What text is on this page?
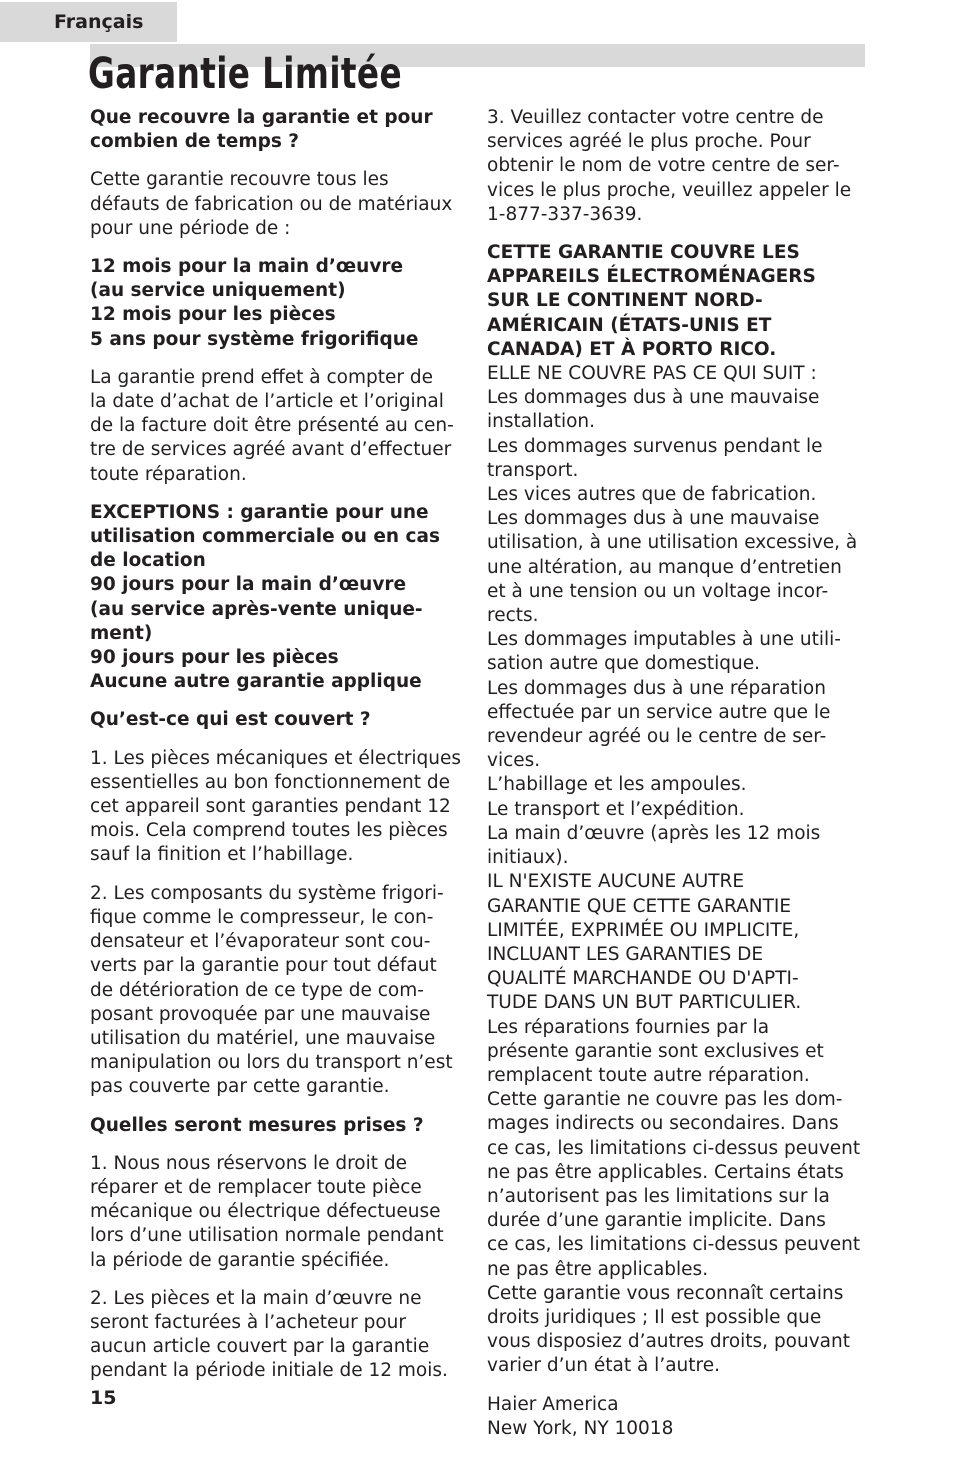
Français
Garantie Limitée

Que recouvre la garantie et pour

combien de temps ?

Cette garantie recouvre tous les

défauts de fabrication ou de matériaux

pour une période de :

12 mois pour la main d’œuvre

(au service uniquement)

12 mois pour les pièces

5 ans pour système frigorifique

La garantie prend effet à compter de

la date d’achat de l’article et l’original

de la facture doit être présenté au cen-

tre de services agréé avant d’effectuer

toute réparation.

EXCEPTIONS : garantie pour une

utilisation commerciale ou en cas

de location

90 jours pour la main d’œuvre

(au service après-vente unique-

ment)

90 jours pour les pièces

Aucune autre garantie applique

Qu’est-ce qui est couvert ?

1. Les pièces mécaniques et électriques

essentielles au bon fonctionnement de

cet appareil sont garanties pendant 12

mois. Cela comprend toutes les pièces

sauf la finition et l’habillage.

2. Les composants du système frigori-

fique comme le compresseur, le con-

densateur et l’évaporateur sont cou-

verts par la garantie pour tout défaut

de détérioration de ce type de com-

posant provoquée par une mauvaise

utilisation du matériel, une mauvaise

manipulation ou lors du transport n’est

pas couverte par cette garantie.

Quelles seront mesures prises ?

1. Nous nous réservons le droit de

réparer et de remplacer toute pièce

mécanique ou électrique défectueuse

lors d’une utilisation normale pendant

la période de garantie spécifiée.

2. Les pièces et la main d’œuvre ne

seront facturées à l’acheteur pour

aucun article couvert par la garantie

pendant la période initiale de 12 mois.

3. Veuillez contacter votre centre de

services agréé le plus proche. Pour

obtenir le nom de votre centre de ser-

vices le plus proche, veuillez appeler le

1-877-337-3639.

CETTE GARANTIE COUVRE LES

APPAREILS ÉLECTROMÉNAGERS

SUR LE CONTINENT NORD-

AMÉRICAIN (ÉTATS-UNIS ET

CANADA) ET À PORTO RICO.

ELLE NE COUVRE PAS CE QUI SUIT :

Les dommages dus à une mauvaise

installation.

Les dommages survenus pendant le

transport.

Les vices autres que de fabrication.

Les dommages dus à une mauvaise

utilisation, à une utilisation excessive, à

une altération, au manque d’entretien

et à une tension ou un voltage incor-

rects.

Les dommages imputables à une utili-

sation autre que domestique.

Les dommages dus à une réparation

effectuée par un service autre que le

revendeur agréé ou le centre de ser-

vices.

L’habillage et les ampoules.

Le transport et l’expédition.

La main d’œuvre (après les 12 mois

initiaux).

IL N'EXISTE AUCUNE AUTRE

GARANTIE QUE CETTE GARANTIE

LIMITÉE, EXPRIMÉE OU IMPLICITE,

INCLUANT LES GARANTIES DE

QUALITÉ MARCHANDE OU D'APTI-

TUDE DANS UN BUT PARTICULIER.

Les réparations fournies par la

présente garantie sont exclusives et

remplacent toute autre réparation.

Cette garantie ne couvre pas les dom-

mages indirects ou secondaires. Dans

ce cas, les limitations ci-dessus peuvent

ne pas être applicables. Certains états

n’autorisent pas les limitations sur la

durée d’une garantie implicite. Dans

ce cas, les limitations ci-dessus peuvent

ne pas être applicables.

Cette garantie vous reconnaît certains

droits juridiques ; Il est possible que

vous disposiez d’autres droits, pouvant

varier d’un état à l’autre.

Haier America

New York, NY 10018

15
